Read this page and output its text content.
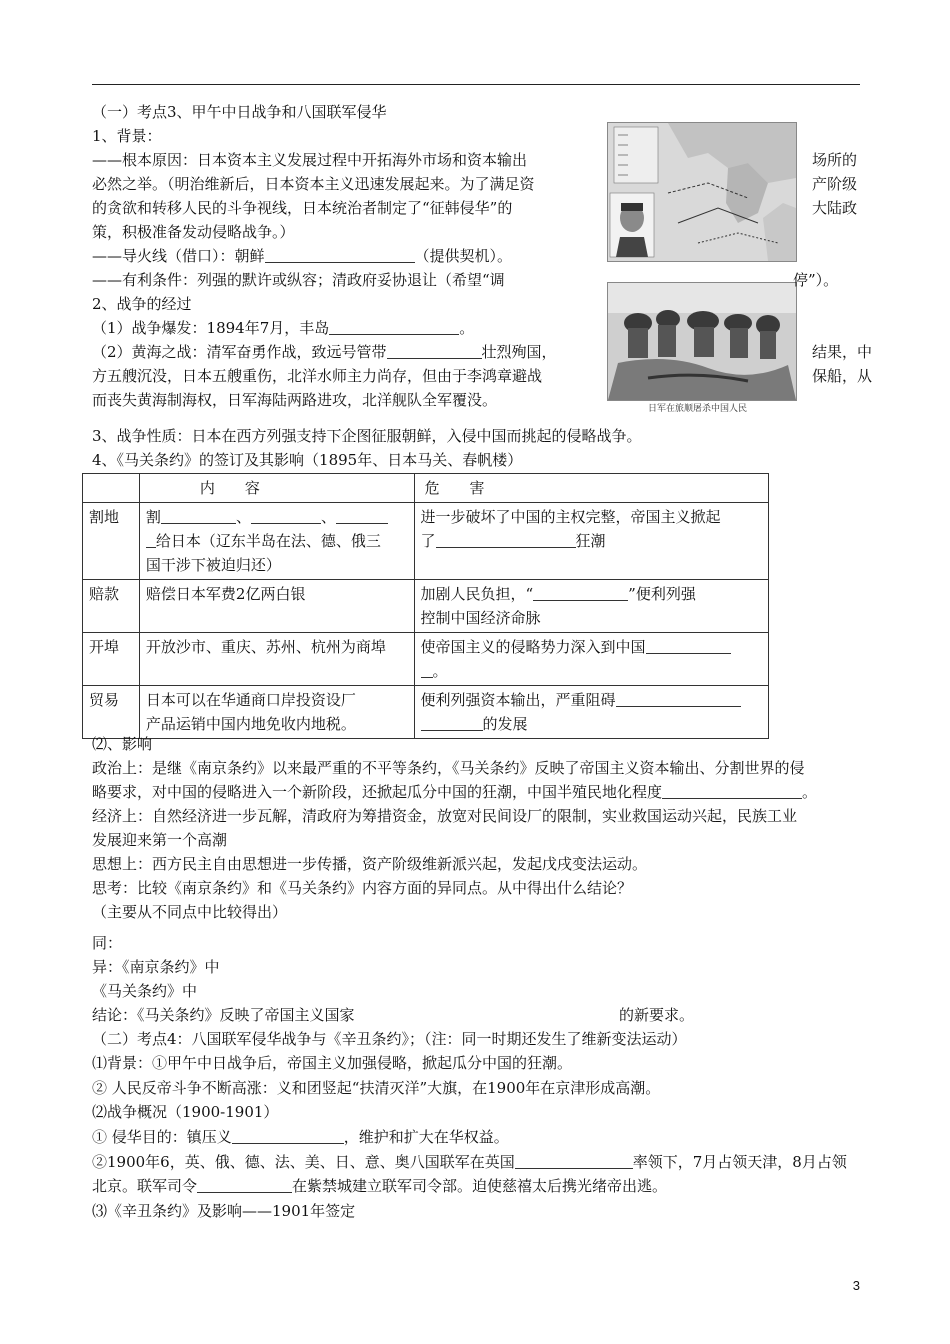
日军在旅顺屠杀中国人民
（一）考点3、甲午中日战争和八国联军侵华
1、背景：
——根本原因：日本资本主义发展过程中开拓海外市场和资本输出	场所的
必然之举。（明治维新后，日本资本主义迅速发展起来。为了满足资	产阶级
的贪欲和转移人民的斗争视线，日本统治者制定了“征韩侵华”的	大陆政
策，积极准备发动侵略战争。）
——导火线（借口）：朝鲜	（提供契机）。
——有利条件：列强的默许或纵容；清政府妥协退让（希望“调	停”）。
2、战争的经过
（1）战争爆发：1894年7月，丰岛	。
（2）黄海之战：清军奋勇作战，致远号管带	壮烈殉国，	结果，中
方五艘沉没，日本五艘重伤，北洋水师主力尚存，但由于李鸿章避战	保船，从
而丧失黄海制海权，日军海陆两路进攻，北洋舰队全军覆没。
3、战争性质：日本在西方列强支持下企图征服朝鲜，入侵中国而挑起的侵略战争。
4、《马关条约》的签订及其影响（1895年、日本马关、春帆楼）
	内　　容	危　　害
割地	割 、 、
给日本（辽东半岛在法、德、俄三
国干涉下被迫归还）	进一步破坏了中国的主权完整，帝国主义掀起
了 狂潮
赔款	赔偿日本军费2亿两白银	加剧人民负担，“ ”便利列强
控制中国经济命脉
开埠	开放沙市、重庆、苏州、杭州为商埠	使帝国主义的侵略势力深入到中国
。
贸易	日本可以在华通商口岸投资设厂
产品运销中国内地免收内地税。	便利列强资本输出，严重阻碍
的发展
⑵、影响
政治上：是继《南京条约》以来最严重的不平等条约，《马关条约》反映了帝国主义资本输出、分割世界的侵
略要求，对中国的侵略进入一个新阶段，还掀起瓜分中国的狂潮，中国半殖民地化程度	。
经济上：自然经济进一步瓦解，清政府为筹措资金，放宽对民间设厂的限制，实业救国运动兴起，民族工业
发展迎来第一个高潮
思想上：西方民主自由思想进一步传播，资产阶级维新派兴起，发起戊戌变法运动。
思考：比较《南京条约》和《马关条约》内容方面的异同点。从中得出什么结论？
（主要从不同点中比较得出）
同：
异：《南京条约》中
《马关条约》中
结论：《马关条约》反映了帝国主义国家	的新要求。
（二）考点4：八国联军侵华战争与《辛丑条约》；（注：同一时期还发生了维新变法运动）
⑴背景：①甲午中日战争后，帝国主义加强侵略，掀起瓜分中国的狂潮。
② 人民反帝斗争不断高涨：义和团竖起“扶清灭洋”大旗，在1900年在京津形成高潮。
⑵战争概况（1900-1901）
① 侵华目的：镇压义	，维护和扩大在华权益。
②1900年6，英、俄、德、法、美、日、意、奥八国联军在英国	率领下，7月占领天津，8月占领
北京。联军司令	在紫禁城建立联军司令部。迫使慈禧太后携光绪帝出逃。
⑶《辛丑条约》及影响——1901年签定
3
